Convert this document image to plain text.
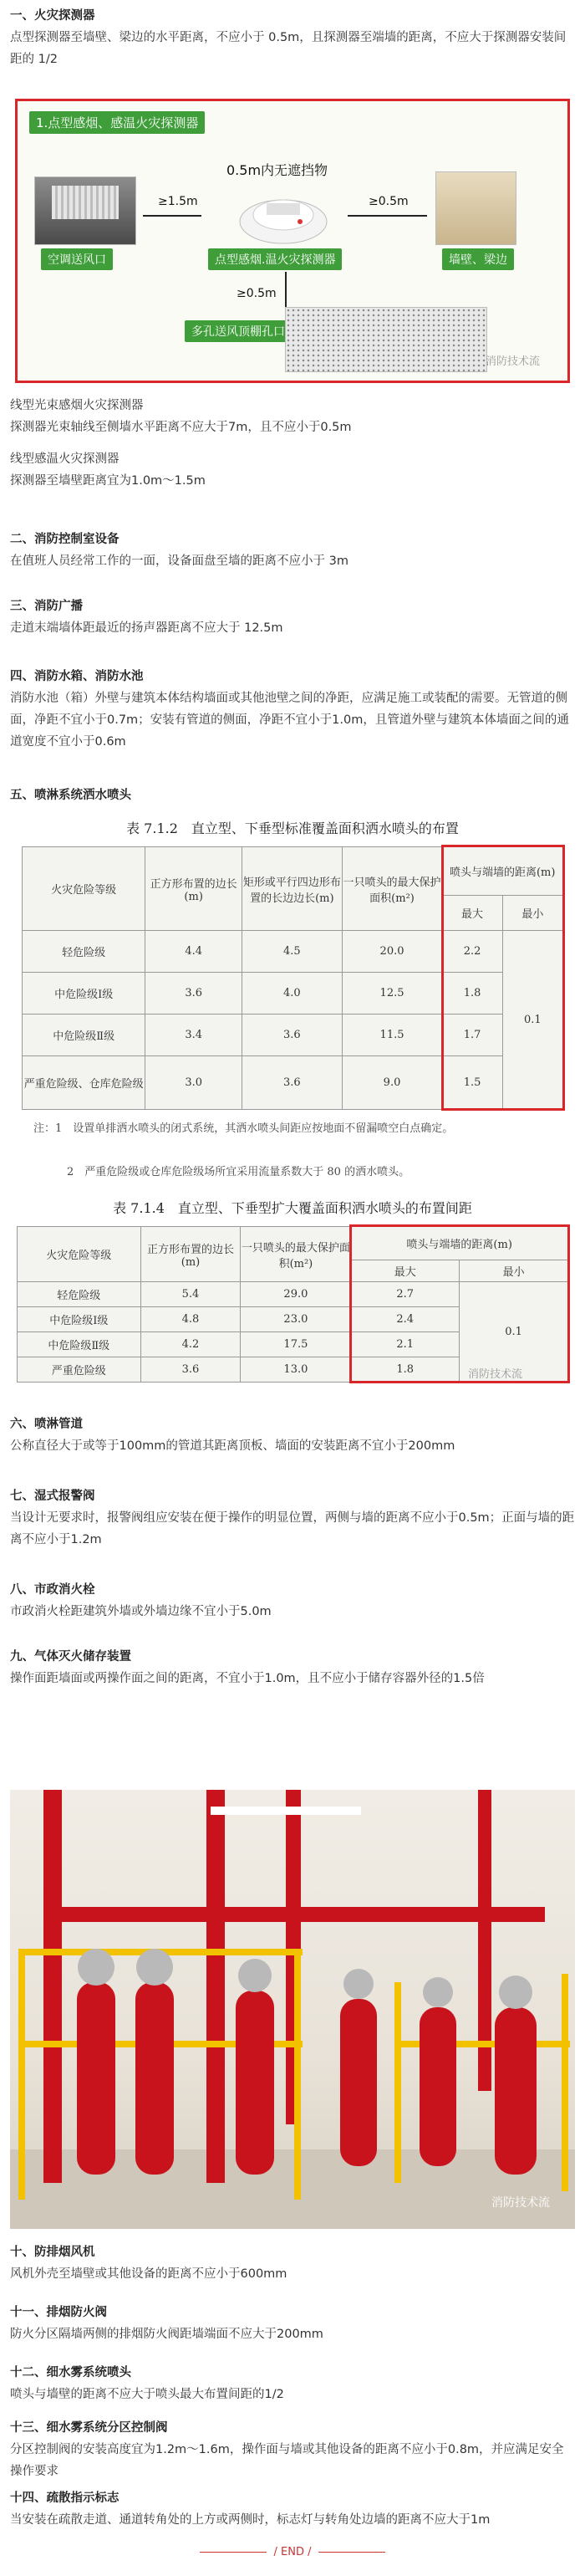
一、火灾探测器
点型探测器至墙壁、梁边的水平距离，不应小于 0.5m，且探测器至端墙的距离，不应大于探测器安装间距的 1/2
1.点型感烟、感温火灾探测器
空调送风口
≥1.5m
0.5m内无遮挡物
点型感烟.温火灾探测器
≥0.5m
墙壁、梁边
≥0.5m
多孔送风顶棚孔口
消防技术流
线型光束感烟火灾探测器
探测器光束轴线至侧墙水平距离不应大于7m，且不应小于0.5m
线型感温火灾探测器
探测器至墙壁距离宜为1.0m～1.5m
二、消防控制室设备
在值班人员经常工作的一面，设备面盘至墙的距离不应小于 3m
三、消防广播
走道末端墙体距最近的扬声器距离不应大于 12.5m
四、消防水箱、消防水池
消防水池（箱）外壁与建筑本体结构墙面或其他池壁之间的净距，应满足施工或装配的需要。无管道的侧面，净距不宜小于0.7m；安装有管道的侧面，净距不宜小于1.0m，且管道外壁与建筑本体墙面之间的通道宽度不宜小于0.6m
五、喷淋系统洒水喷头
表 7.1.2　直立型、下垂型标准覆盖面积洒水喷头的布置
火灾危险等级	正方形布置的边长(m)	矩形或平行四边形布置的长边边长(m)	一只喷头的最大保护面积(m²)	喷头与端墙的距离(m)	
				最大	最小
轻危险级	4.4	4.5	20.0	2.2	0.1
中危险级Ⅰ级	3.6	4.0	12.5	1.8	
中危险级Ⅱ级	3.4	3.6	11.5	1.7	
严重危险级、仓库危险级	3.0	3.6	9.0	1.5	
注：1　设置单排洒水喷头的闭式系统，其洒水喷头间距应按地面不留漏喷空白点确定。
2　严重危险级或仓库危险级场所宜采用流量系数大于 80 的洒水喷头。
表 7.1.4　直立型、下垂型扩大覆盖面积洒水喷头的布置间距
火灾危险等级	正方形布置的边长(m)	一只喷头的最大保护面积(m²)	喷头与端墙的距离(m)	
			最大	最小
轻危险级	5.4	29.0	2.7	0.1
中危险级Ⅰ级	4.8	23.0	2.4	
中危险级Ⅱ级	4.2	17.5	2.1	
严重危险级	3.6	13.0	1.8		消防技术流
六、喷淋管道
公称直径大于或等于100mm的管道其距离顶板、墙面的安装距离不宜小于200mm
七、湿式报警阀
当设计无要求时，报警阀组应安装在便于操作的明显位置，两侧与墙的距离不应小于0.5m；正面与墙的距离不应小于1.2m
八、市政消火栓
市政消火栓距建筑外墙或外墙边缘不宜小于5.0m
九、气体灭火储存装置
操作面距墙面或两操作面之间的距离，不宜小于1.0m，且不应小于储存容器外径的1.5倍
消防技术流
十、防排烟风机
风机外壳至墙壁或其他设备的距离不应小于600mm
十一、排烟防火阀
防火分区隔墙两侧的排烟防火阀距墙端面不应大于200mm
十二、细水雾系统喷头
喷头与墙壁的距离不应大于喷头最大布置间距的1/2
十三、细水雾系统分区控制阀
分区控制阀的安装高度宜为1.2m～1.6m，操作面与墙或其他设备的距离不应小于0.8m，并应满足安全操作要求
十四、疏散指示标志
当安装在疏散走道、通道转角处的上方或两侧时，标志灯与转角处边墙的距离不应大于1m
/ END /
